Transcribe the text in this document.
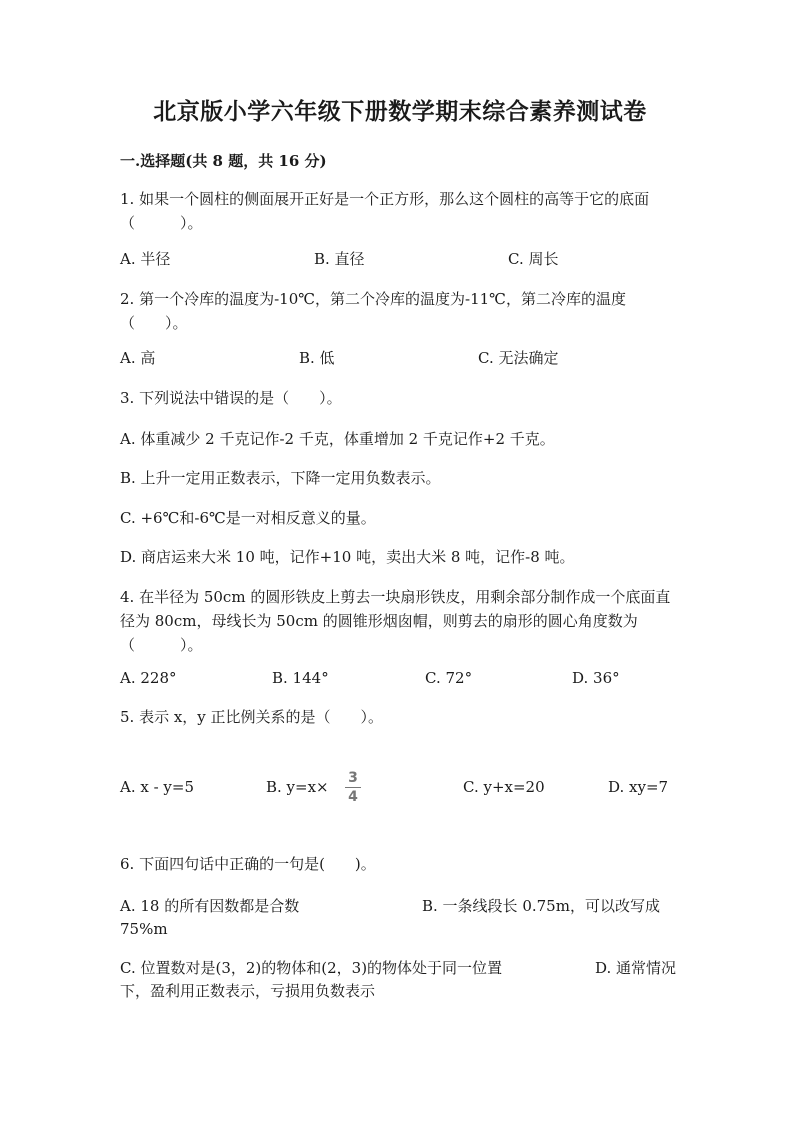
北京版小学六年级下册数学期末综合素养测试卷
一.选择题(共 8 题，共 16 分)
1. 如果一个圆柱的侧面展开正好是一个正方形，那么这个圆柱的高等于它的底面（　　　）。
A. 半径	B. 直径	C. 周长
2. 第一个冷库的温度为-10℃，第二个冷库的温度为-11℃，第二冷库的温度（　　）。
A. 高	B. 低	C. 无法确定
3. 下列说法中错误的是（　　）。
A. 体重减少 2 千克记作-2 千克，体重增加 2 千克记作+2 千克。
B. 上升一定用正数表示，下降一定用负数表示。
C. +6℃和-6℃是一对相反意义的量。
D. 商店运来大米 10 吨，记作+10 吨，卖出大米 8 吨，记作-8 吨。
4. 在半径为 50cm 的圆形铁皮上剪去一块扇形铁皮，用剩余部分制作成一个底面直径为 80cm，母线长为 50cm 的圆锥形烟囱帽，则剪去的扇形的圆心角度数为（　　　）。
A. 228°	B. 144°	C. 72°	D. 36°
5. 表示 x，y 正比例关系的是（　　）。
A. x - y=5	B. y=x×	3
4
C. y+x=20	D. xy=7
6. 下面四句话中正确的一句是(　　)。
A. 18 的所有因数都是合数	B. 一条线段长 0.75m，可以改写成
75%m
C. 位置数对是(3，2)的物体和(2，3)的物体处于同一位置	D. 通常情况
下，盈利用正数表示，亏损用负数表示
